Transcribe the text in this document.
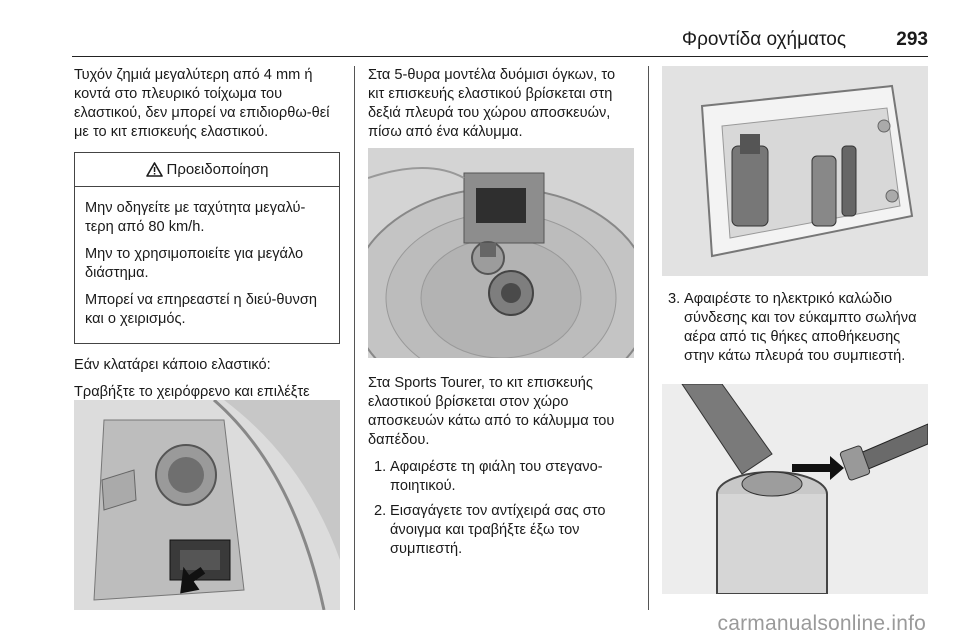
Φροντίδα οχήματος	293

Τυχόν ζημιά μεγαλύτερη από 4 mm ή κοντά στο πλευρικό τοίχωμα του ελαστικού, δεν μπορεί να επιδιορθω-θεί με το κιτ επισκευής ελαστικού.

Προειδοποίηση

Μην οδηγείτε με ταχύτητα μεγαλύ-τερη από 80 km/h.

Μην το χρησιμοποιείτε για μεγάλο διάστημα.

Μπορεί να επηρεαστεί η διεύ-θυνση και ο χειρισμός.

Εάν κλατάρει κάποιο ελαστικό:

Τραβήξτε το χειρόφρενο και επιλέξτε

Στα 5-θυρα μοντέλα δυόμισι όγκων, το κιτ επισκευής ελαστικού βρίσκεται στη δεξιά πλευρά του χώρου αποσκευών, πίσω από ένα κάλυμμα.

Στα Sports Tourer, το κιτ επισκευής ελαστικού βρίσκεται στον χώρο αποσκευών κάτω από το κάλυμμα του δαπέδου.

1. Αφαιρέστε τη φιάλη του στεγανο-ποιητικού.
2. Εισαγάγετε τον αντίχειρά σας στο άνοιγμα και τραβήξτε έξω τον συμπιεστή.
3. Αφαιρέστε το ηλεκτρικό καλώδιο σύνδεσης και τον εύκαμπτο σωλήνα αέρα από τις θήκες αποθήκευσης στην κάτω πλευρά του συμπιεστή.
carmanualsonline.info
